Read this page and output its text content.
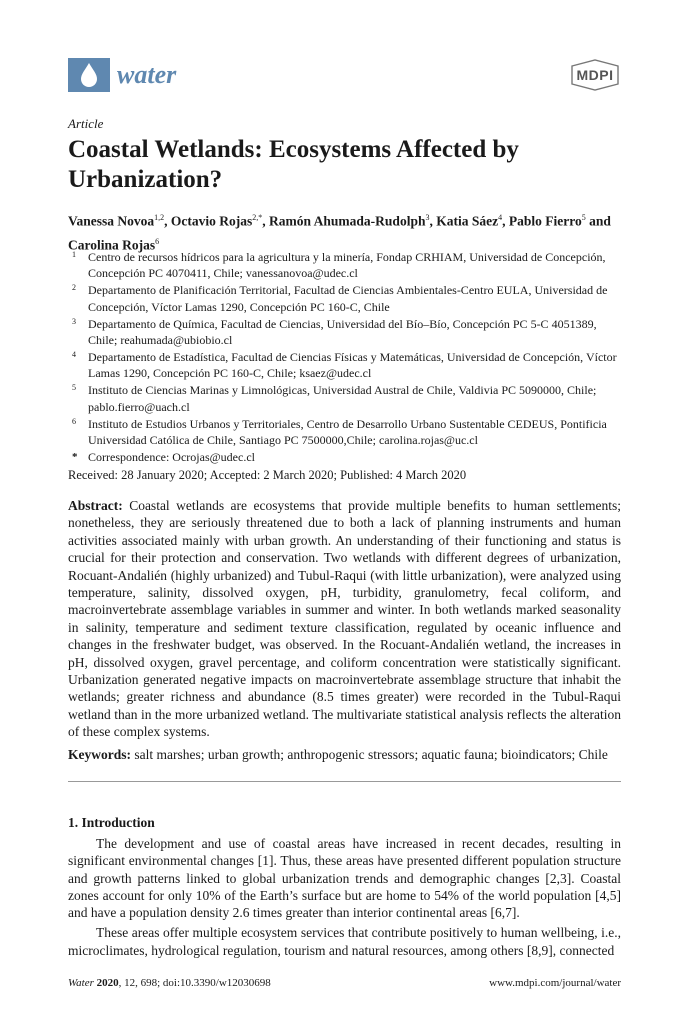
water	MDPI
Article
Coastal Wetlands: Ecosystems Affected by Urbanization?
Vanessa Novoa$^{1,2}$, Octavio Rojas$^{2,*}$, Ramón Ahumada-Rudolph$^3$, Katia Sáez$^4$, Pablo Fierro$^5$ and Carolina Rojas$^6$
1 Centro de recursos hídricos para la agricultura y la minería, Fondap CRHIAM, Universidad de Concepción, Concepción PC 4070411, Chile; vanessanovoa@udec.cl
2 Departamento de Planificación Territorial, Facultad de Ciencias Ambientales-Centro EULA, Universidad de Concepción, Víctor Lamas 1290, Concepción PC 160-C, Chile
3 Departamento de Química, Facultad de Ciencias, Universidad del Bío–Bío, Concepción PC 5-C 4051389, Chile; reahumada@ubiobio.cl
4 Departamento de Estadística, Facultad de Ciencias Físicas y Matemáticas, Universidad de Concepción, Víctor Lamas 1290, Concepción PC 160-C, Chile; ksaez@udec.cl
5 Instituto de Ciencias Marinas y Limnológicas, Universidad Austral de Chile, Valdivia PC 5090000, Chile; pablo.fierro@uach.cl
6 Instituto de Estudios Urbanos y Territoriales, Centro de Desarrollo Urbano Sustentable CEDEUS, Pontificia Universidad Católica de Chile, Santiago PC 7500000,Chile; carolina.rojas@uc.cl
* Correspondence: Ocrojas@udec.cl
Received: 28 January 2020; Accepted: 2 March 2020; Published: 4 March 2020
Abstract: Coastal wetlands are ecosystems that provide multiple benefits to human settlements; nonetheless, they are seriously threatened due to both a lack of planning instruments and human activities associated mainly with urban growth. An understanding of their functioning and status is crucial for their protection and conservation. Two wetlands with different degrees of urbanization, Rocuant-Andalién (highly urbanized) and Tubul-Raqui (with little urbanization), were analyzed using temperature, salinity, dissolved oxygen, pH, turbidity, granulometry, fecal coliform, and macroinvertebrate assemblage variables in summer and winter. In both wetlands marked seasonality in salinity, temperature and sediment texture classification, regulated by oceanic influence and changes in the freshwater budget, was observed. In the Rocuant-Andalién wetland, the increases in pH, dissolved oxygen, gravel percentage, and coliform concentration were statistically significant. Urbanization generated negative impacts on macroinvertebrate assemblage structure that inhabit the wetlands; greater richness and abundance (8.5 times greater) were recorded in the Tubul-Raqui wetland than in the more urbanized wetland. The multivariate statistical analysis reflects the alteration of these complex systems.
Keywords: salt marshes; urban growth; anthropogenic stressors; aquatic fauna; bioindicators; Chile
1. Introduction

The development and use of coastal areas have increased in recent decades, resulting in significant environmental changes [1]. Thus, these areas have presented different population structure and growth patterns linked to global urbanization trends and demographic changes [2,3]. Coastal zones account for only 10% of the Earth’s surface but are home to 54% of the world population [4,5] and have a population density 2.6 times greater than interior continental areas [6,7].

These areas offer multiple ecosystem services that contribute positively to human wellbeing, i.e., microclimates, hydrological regulation, tourism and natural resources, among others [8,9], connected

Water 2020, 12, 698; doi:10.3390/w12030698	www.mdpi.com/journal/water
